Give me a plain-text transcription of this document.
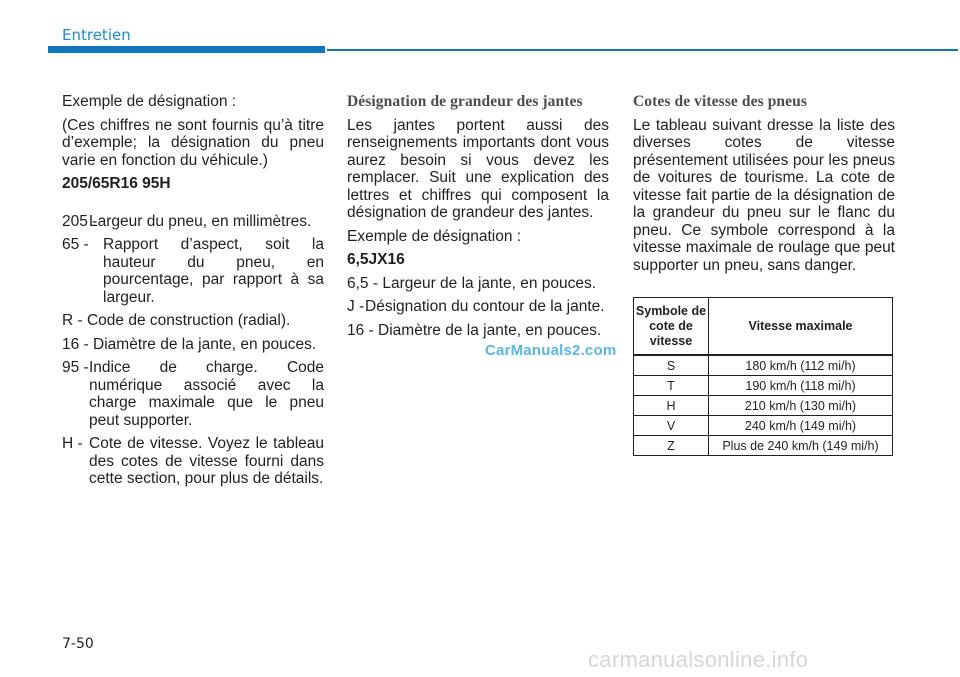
Entretien

Exemple de désignation :

(Ces chiffres ne sont fournis qu’à titre d’exemple; la désignation du pneu varie en fonction du véhicule.)

205/65R16 95H

205 -
Largeur du pneu, en millimètres.
65 - Rapport d’aspect, soit la hauteur du pneu, en pourcentage, par rapport à sa largeur.
R - Code de construction (radial).
16 - Diamètre de la jante, en pouces.
95 - Indice de charge. Code numérique associé avec la charge maximale que le pneu peut supporter.
H - Cote de vitesse. Voyez le tableau des cotes de vitesse fourni dans cette section, pour plus de détails.
Désignation de grandeur des jantes

Les jantes portent aussi des renseignements importants dont vous aurez besoin si vous devez les remplacer. Suit une explication des lettres et chiffres qui composent la désignation de grandeur des jantes.

Exemple de désignation :

6,5JX16

6,5 - Largeur de la jante, en pouces.
J - Désignation du contour de la jante.
16 - Diamètre de la jante, en pouces.
CarManuals2.com
Cotes de vitesse des pneus

Le tableau suivant dresse la liste des diverses cotes de vitesse présentement utilisées pour les pneus de voitures de tourisme. La cote de vitesse fait partie de la désignation de la grandeur du pneu sur le flanc du pneu. Ce symbole correspond à la vitesse maximale de roulage que peut supporter un pneu, sans danger.

Symbole de cote de vitesse	Vitesse maximale
S	180 km/h (112 mi/h)
T	190 km/h (118 mi/h)
H	210 km/h (130 mi/h)
V	240 km/h (149 mi/h)
Z	Plus de 240 km/h (149 mi/h)
7-50
carmanualsonline.info
